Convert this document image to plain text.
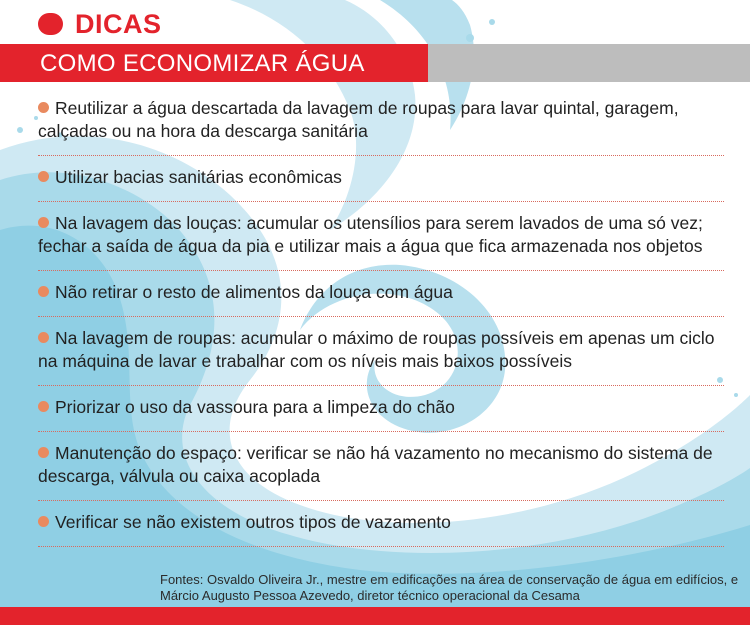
DICAS
COMO ECONOMIZAR ÁGUA
Reutilizar a água descartada da lavagem de roupas para lavar quintal, garagem, calçadas ou na hora da descarga sanitária
Utilizar bacias sanitárias econômicas
Na lavagem das louças: acumular os utensílios para serem lavados de uma só vez; fechar a saída de água da pia e utilizar mais a água que fica armazenada nos objetos
Não retirar o resto de alimentos da louça com água
Na lavagem de roupas: acumular o máximo de roupas possíveis em apenas um ciclo na máquina de lavar e trabalhar com os níveis mais baixos possíveis
Priorizar o uso da vassoura para a limpeza do chão
Manutenção do espaço: verificar se não há vazamento no mecanismo do sistema de descarga, válvula ou caixa acoplada
Verificar se não existem outros tipos de vazamento
Fontes: Osvaldo Oliveira Jr., mestre em edificações na área de conservação de água em edifícios, e Márcio Augusto Pessoa Azevedo, diretor técnico operacional da Cesama
